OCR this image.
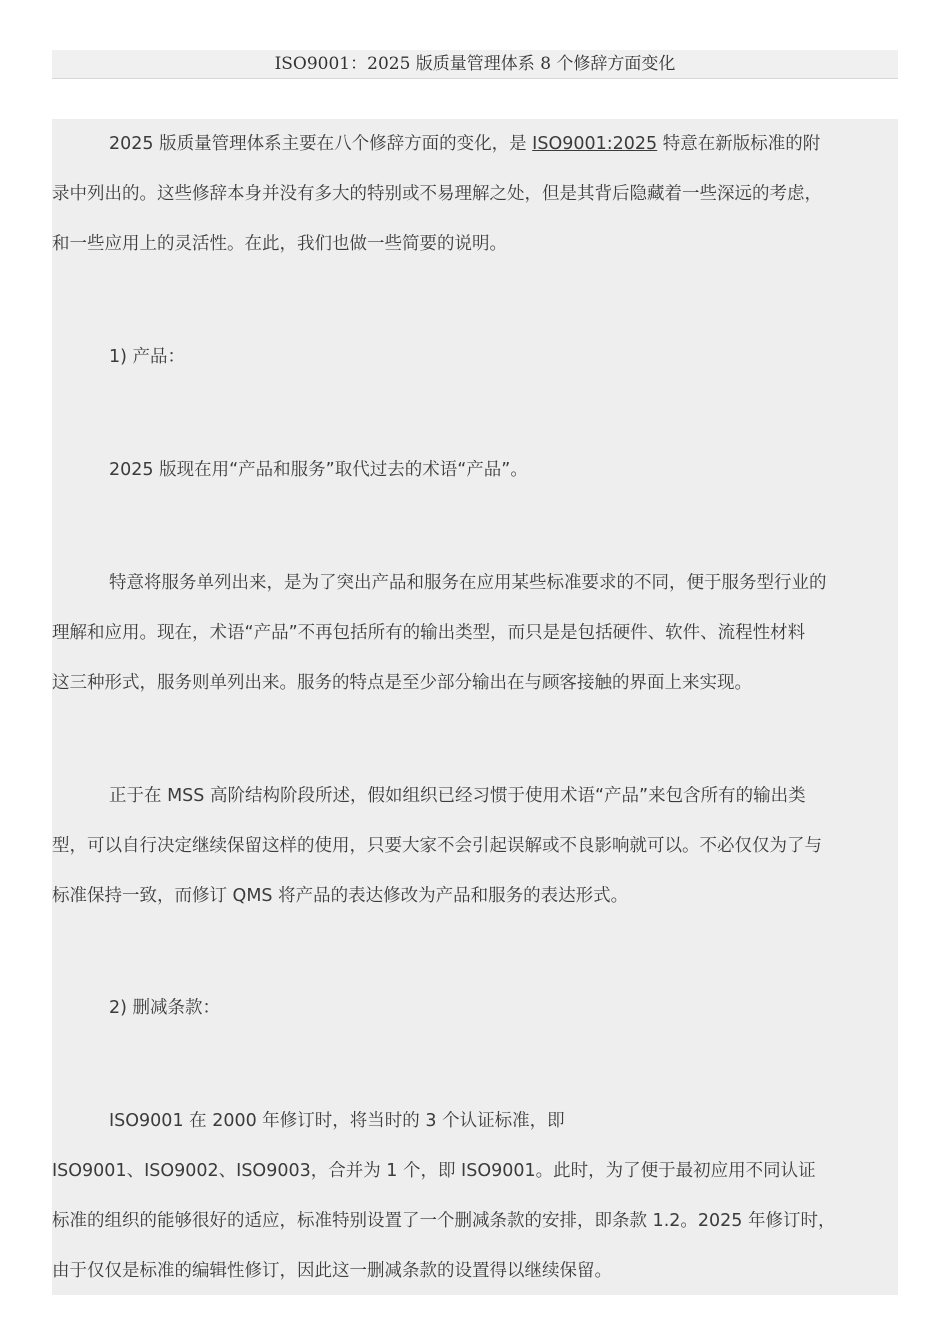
ISO9001：2025 版质量管理体系 8 个修辞方面变化
2025 版质量管理体系主要在八个修辞方面的变化，是 ISO9001:2025 特意在新版标准的附
录中列出的。这些修辞本身并没有多大的特别或不易理解之处，但是其背后隐藏着一些深远的考虑，
和一些应用上的灵活性。在此，我们也做一些简要的说明。
1) 产品：
2025 版现在用“产品和服务”取代过去的术语“产品”。
特意将服务单列出来，是为了突出产品和服务在应用某些标准要求的不同，便于服务型行业的
理解和应用。现在，术语“产品”不再包括所有的输出类型，而只是是包括硬件、软件、流程性材料
这三种形式，服务则单列出来。服务的特点是至少部分输出在与顾客接触的界面上来实现。
正于在 MSS 高阶结构阶段所述，假如组织已经习惯于使用术语“产品”来包含所有的输出类
型，可以自行决定继续保留这样的使用，只要大家不会引起误解或不良影响就可以。不必仅仅为了与
标准保持一致，而修订 QMS 将产品的表达修改为产品和服务的表达形式。
2) 删减条款：
ISO9001 在 2000 年修订时，将当时的 3 个认证标准，即
ISO9001、ISO9002、ISO9003，合并为 1 个，即 ISO9001。此时，为了便于最初应用不同认证
标准的组织的能够很好的适应，标准特别设置了一个删减条款的安排，即条款 1.2。2025 年修订时，
由于仅仅是标准的编辑性修订，因此这一删减条款的设置得以继续保留。
